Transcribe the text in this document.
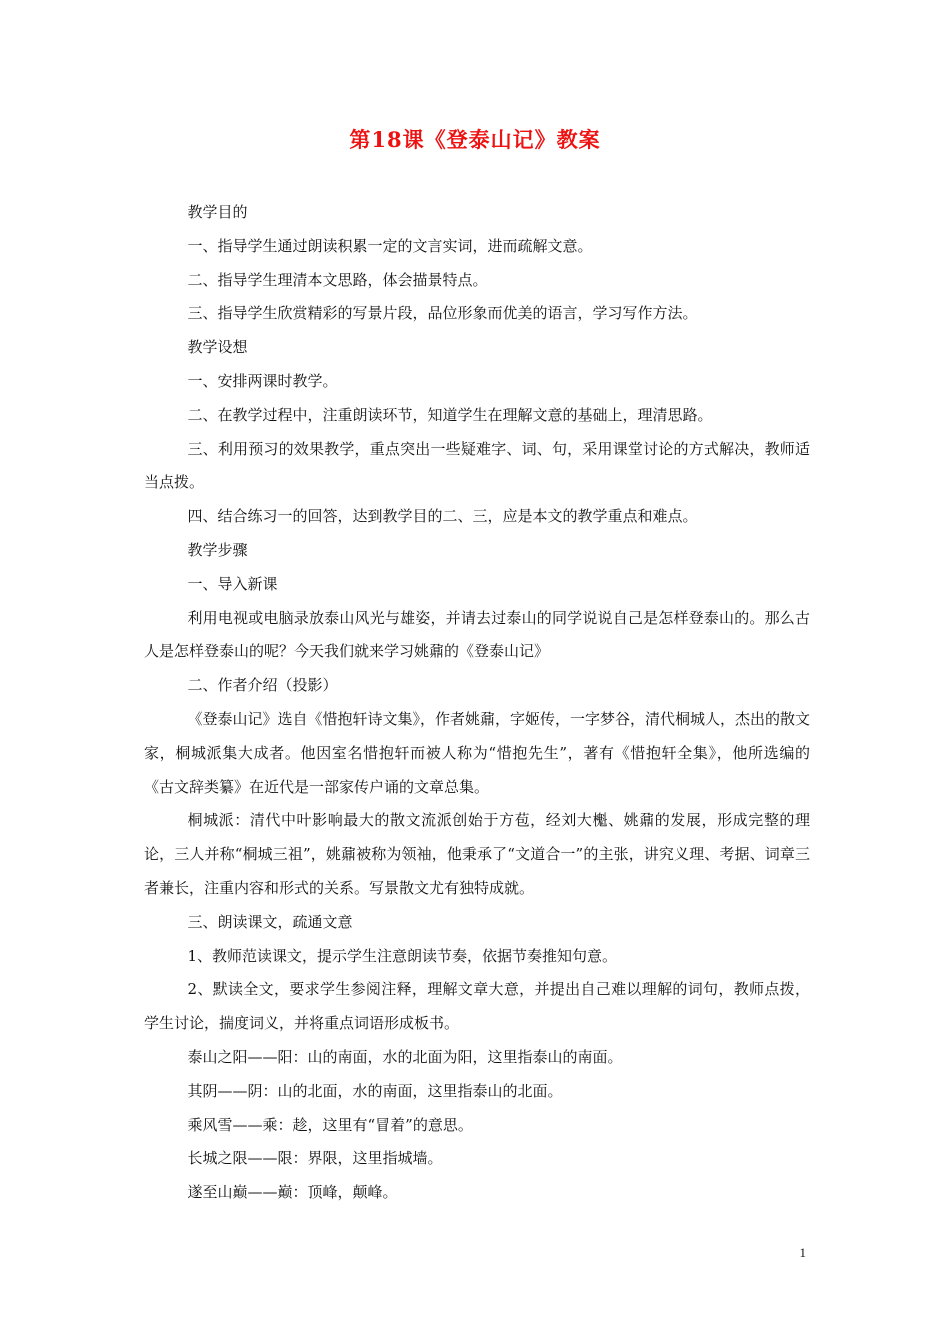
第18课《登泰山记》教案

教学目的

一、指导学生通过朗读积累一定的文言实词，进而疏解文意。

二、指导学生理清本文思路，体会描景特点。

三、指导学生欣赏精彩的写景片段，品位形象而优美的语言，学习写作方法。

教学设想

一、安排两课时教学。

二、在教学过程中，注重朗读环节，知道学生在理解文意的基础上，理清思路。

三、利用预习的效果教学，重点突出一些疑难字、词、句，采用课堂讨论的方式解决，教师适当点拨。

四、结合练习一的回答，达到教学目的二、三，应是本文的教学重点和难点。

教学步骤

一、导入新课

利用电视或电脑录放泰山风光与雄姿，并请去过泰山的同学说说自己是怎样登泰山的。那么古人是怎样登泰山的呢？今天我们就来学习姚鼐的《登泰山记》

二、作者介绍（投影）

《登泰山记》选自《惜抱轩诗文集》，作者姚鼐，字姬传，一字梦谷，清代桐城人，杰出的散文家，桐城派集大成者。他因室名惜抱轩而被人称为“惜抱先生”，著有《惜抱轩全集》，他所选编的《古文辞类纂》在近代是一部家传户诵的文章总集。

桐城派：清代中叶影响最大的散文流派创始于方苞，经刘大櫆、姚鼐的发展，形成完整的理论，三人并称“桐城三祖”，姚鼐被称为领袖，他秉承了“文道合一”的主张，讲究义理、考据、词章三者兼长，注重内容和形式的关系。写景散文尤有独特成就。

三、朗读课文，疏通文意

1、教师范读课文，提示学生注意朗读节奏，依据节奏推知句意。

2、默读全文，要求学生参阅注释，理解文章大意，并提出自己难以理解的词句，教师点拨，学生讨论，揣度词义，并将重点词语形成板书。

泰山之阳——阳：山的南面，水的北面为阳，这里指泰山的南面。

其阴——阴：山的北面，水的南面，这里指泰山的北面。

乘风雪——乘：趁，这里有“冒着”的意思。

长城之限——限：界限，这里指城墙。

遂至山巅——巅：顶峰，颠峰。

1
